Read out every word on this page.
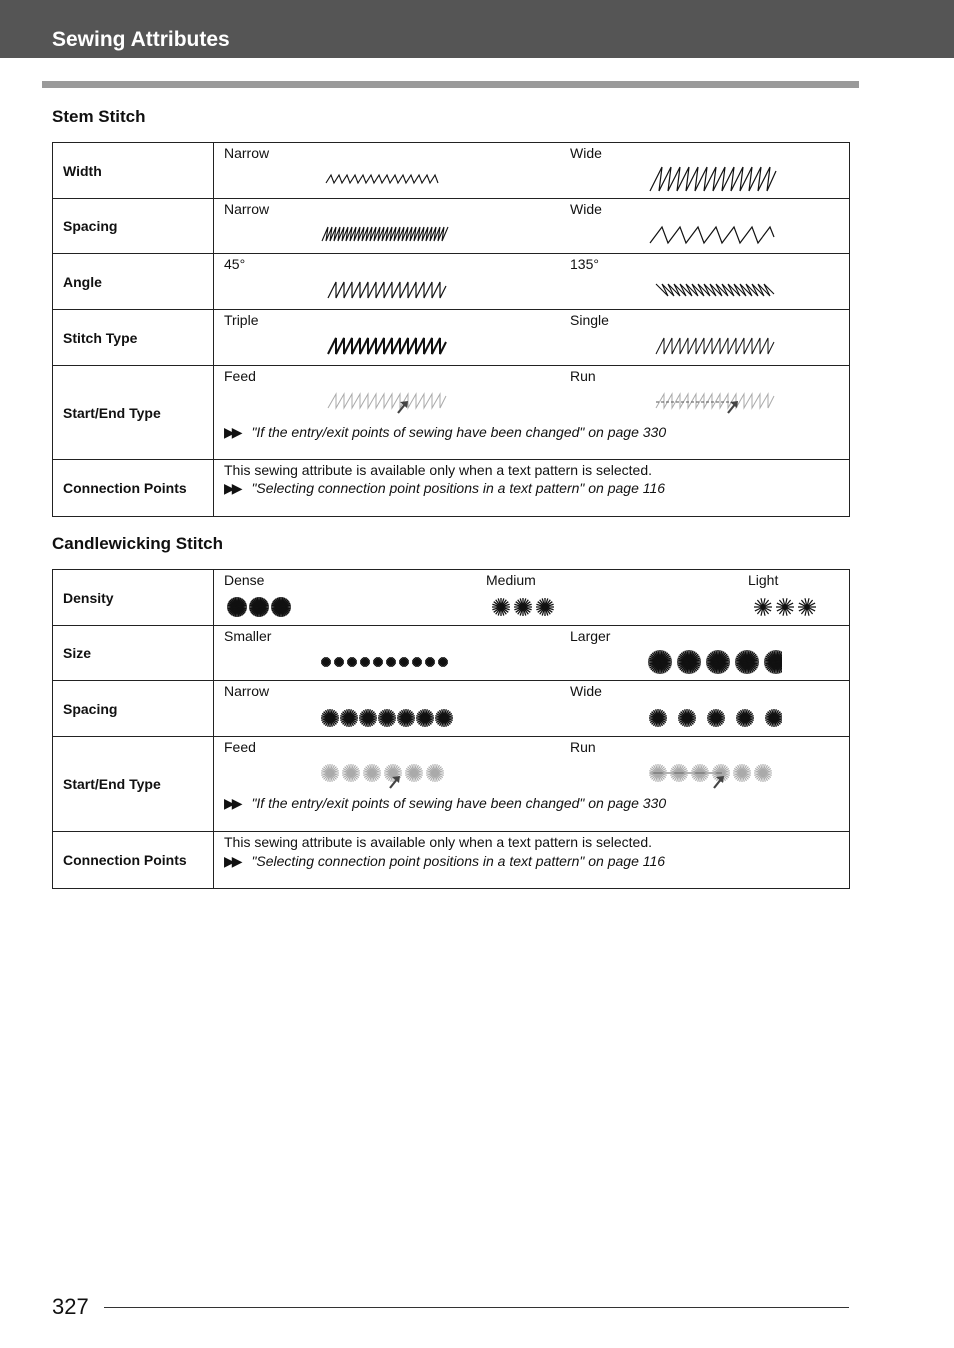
Sewing Attributes
Stem Stitch
Width	Narrow Wide

Spacing	Narrow Wide

Angle	45° 135°

Stitch Type	Triple Single

Start/End Type	Feed Run
▶▶ "If the entry/exit points of sewing have been changed" on page 330

Connection Points	This sewing attribute is available only when a text pattern is selected.
▶▶ "Selecting connection point positions in a text pattern" on page 116
Candlewicking Stitch
Density	Dense Medium Light

Size	Smaller Larger

Spacing	Narrow Wide

Start/End Type	Feed Run
▶▶ "If the entry/exit points of sewing have been changed" on page 330

Connection Points	This sewing attribute is available only when a text pattern is selected.
▶▶ "Selecting connection point positions in a text pattern" on page 116
327
